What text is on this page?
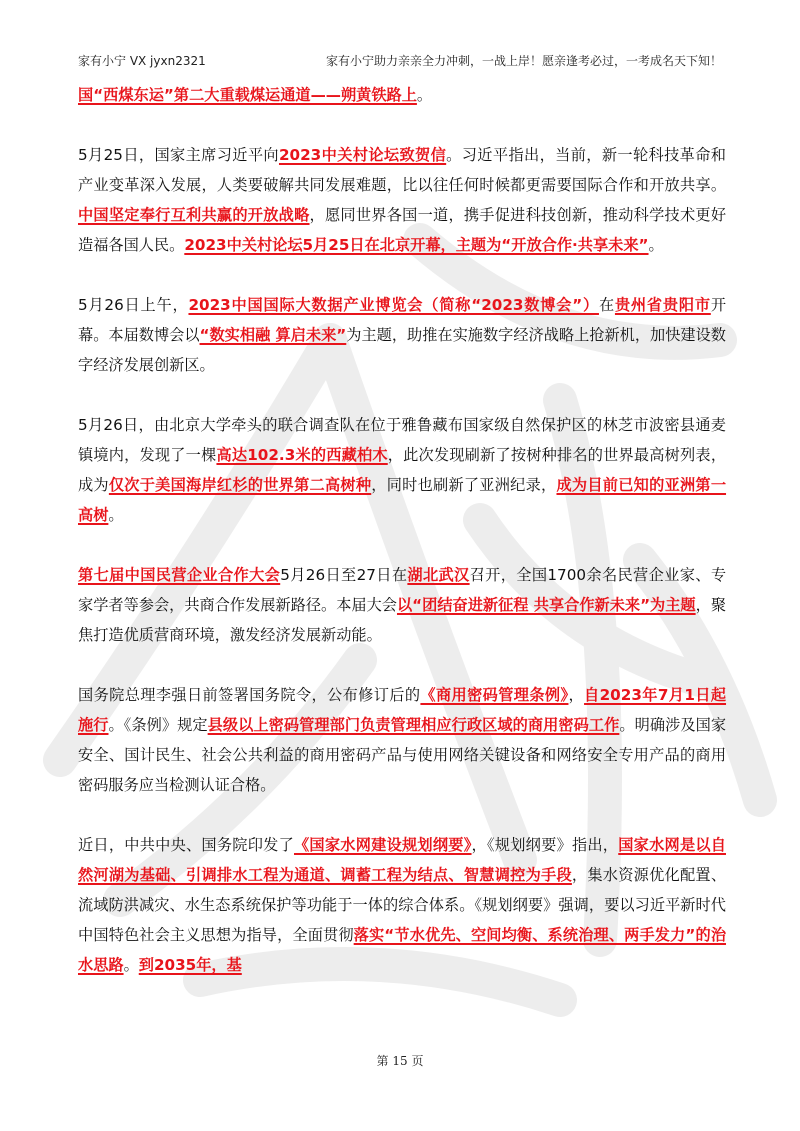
家有小宁 VX jyxn2321	家有小宁助力亲亲全力冲刺，一战上岸！愿亲逢考必过，一考成名天下知！

国“西煤东运”第二大重载煤运通道——朔黄铁路上。

5月25日，国家主席习近平向2023中关村论坛致贺信。习近平指出，当前，新一轮科技革命和产业变革深入发展，人类要破解共同发展难题，比以往任何时候都更需要国际合作和开放共享。中国坚定奉行互利共赢的开放战略，愿同世界各国一道，携手促进科技创新，推动科学技术更好造福各国人民。2023中关村论坛5月25日在北京开幕，主题为“开放合作·共享未来”。

5月26日上午，2023中国国际大数据产业博览会（简称“2023数博会”）在贵州省贵阳市开幕。本届数博会以“数实相融 算启未来”为主题，助推在实施数字经济战略上抢新机，加快建设数字经济发展创新区。

5月26日，由北京大学牵头的联合调查队在位于雅鲁藏布国家级自然保护区的林芝市波密县通麦镇境内，发现了一棵高达102.3米的西藏柏木，此次发现刷新了按树种排名的世界最高树列表，成为仅次于美国海岸红杉的世界第二高树种，同时也刷新了亚洲纪录，成为目前已知的亚洲第一高树。

第七届中国民营企业合作大会5月26日至27日在湖北武汉召开，全国1700余名民营企业家、专家学者等参会，共商合作发展新路径。本届大会以“团结奋进新征程 共享合作新未来”为主题，聚焦打造优质营商环境，激发经济发展新动能。

国务院总理李强日前签署国务院令，公布修订后的《商用密码管理条例》，自2023年7月1日起施行。《条例》规定县级以上密码管理部门负责管理相应行政区域的商用密码工作。明确涉及国家安全、国计民生、社会公共利益的商用密码产品与使用网络关键设备和网络安全专用产品的商用密码服务应当检测认证合格。

近日，中共中央、国务院印发了《国家水网建设规划纲要》，《规划纲要》指出，国家水网是以自然河湖为基础、引调排水工程为通道、调蓄工程为结点、智慧调控为手段，集水资源优化配置、流域防洪减灾、水生态系统保护等功能于一体的综合体系。《规划纲要》强调，要以习近平新时代中国特色社会主义思想为指导，全面贯彻落实“节水优先、空间均衡、系统治理、两手发力”的治水思路。到2035年，基

第 15 页
